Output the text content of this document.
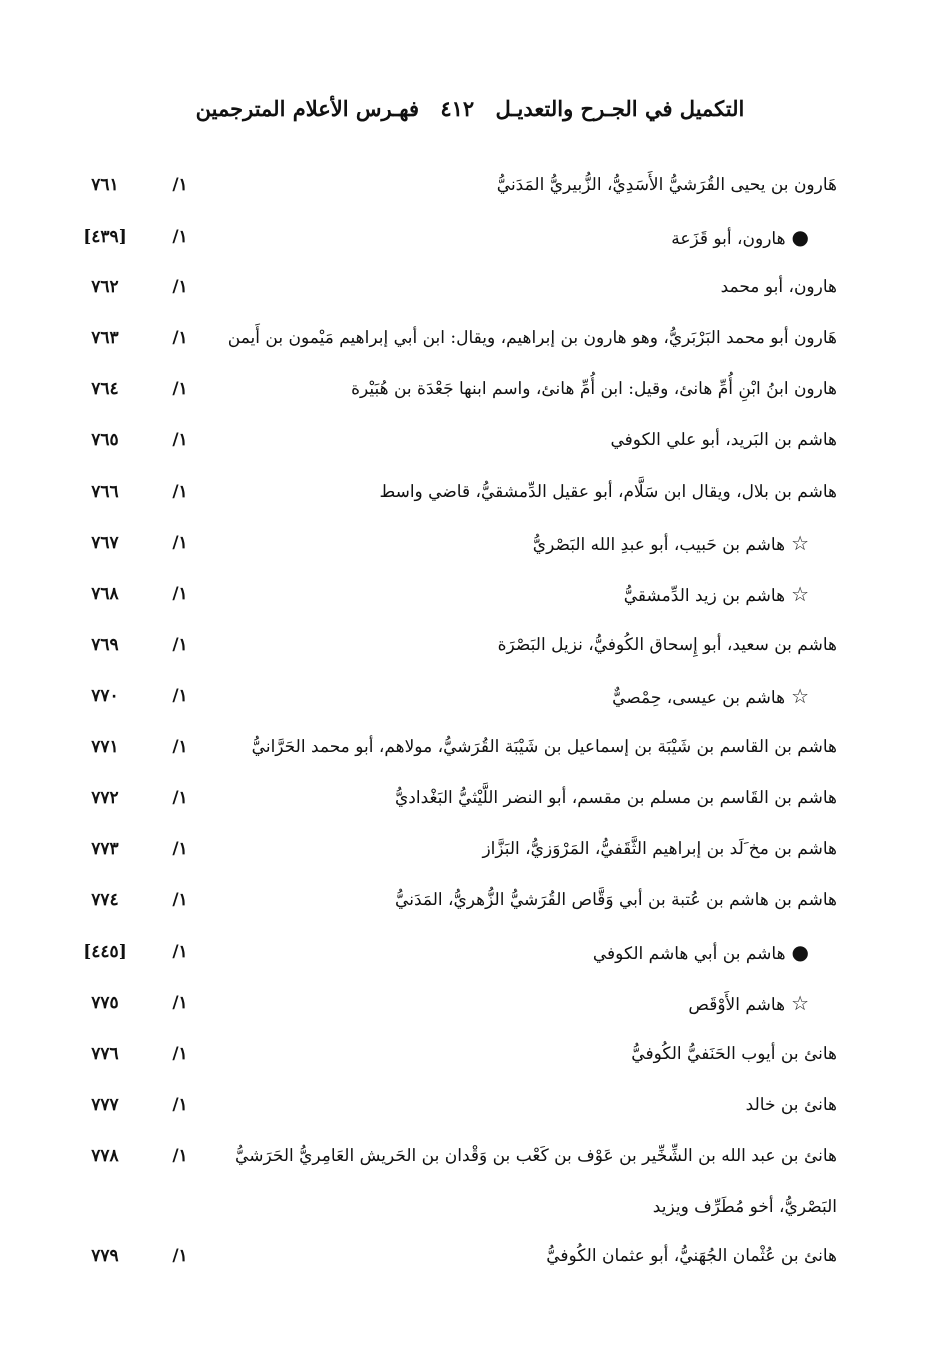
التكميل في الجـرح والتعديـل ٤١٢ فهـرس الأعلام المترجمين
هَارون بن يحيى القُرَشيُّ الأَسَدِيُّ، الزُّبيريُّ المَدَنيُّ
١/
٧٦١
●هارون، أبو قَزَعة
١/
[٤٣٩]
هارون، أبو محمد
١/
٧٦٢
هَارون أبو محمد البَرْبَريُّ، وهو هارون بن إبراهيم، ويقال: ابن أبي إبراهيم مَيْمون بن أَيمن
١/
٧٦٣
هارون ابنُ ابْنِ أُمِّ هانئ، وقيل: ابن أُمِّ هانئ، واسم ابنها جَعْدَة بن هُبَيْرة
١/
٧٦٤
هاشم بن البَريد، أبو علي الكوفي
١/
٧٦٥
هاشم بن بلال، ويقال ابن سَلَّام، أبو عقيل الدِّمشقيُّ، قاضي واسط
١/
٧٦٦
☆هاشم بن حَبيب، أبو عبدِ الله البَصْريُّ
١/
٧٦٧
☆هاشم بن زيد الدِّمشقيُّ
١/
٧٦٨
هاشم بن سعيد، أبو إِسحاق الكُوفيُّ، نزيل البَصْرَة
١/
٧٦٩
☆هاشم بن عيسى، حِمْصيٌّ
١/
٧٧٠
هاشم بن القاسم بن شَيْبَة بن إسماعيل بن شَيْبَة القُرَشيُّ، مولاهم، أبو محمد الحَرَّانيُّ
١/
٧٧١
هاشم بن القَاسم بن مسلم بن مقسم، أبو النضر اللَّيْثيُّ البَغْداديُّ
١/
٧٧٢
هاشم بن مخ َلَد بن إبراهيم الثَّقَفيُّ، المَرْوَزيُّ، البَزَّاز
١/
٧٧٣
هاشم بن هاشم بن عُتبة بن أبي وَقَّاص القُرَشيُّ الزُّهريُّ، المَدَنيُّ
١/
٧٧٤
●هاشم بن أبي هاشم الكوفي
١/
[٤٤٥]
☆هاشم الأَوْقَص
١/
٧٧٥
هانئ بن أيوب الحَنَفيُّ الكُوفيُّ
١/
٧٧٦
هانئ بن خالد
١/
٧٧٧
هانئ بن عبد الله بن الشِّخِّير بن عَوْف بن كَعْب بن وَقْدان بن الحَريش العَامِريُّ الحَرَشيُّ
١/
٧٧٨
البَصْريُّ، أخو مُطَرِّف ويزيد
هانئ بن عُثْمان الجُهَنيُّ، أبو عثمان الكُوفيُّ
١/
٧٧٩
